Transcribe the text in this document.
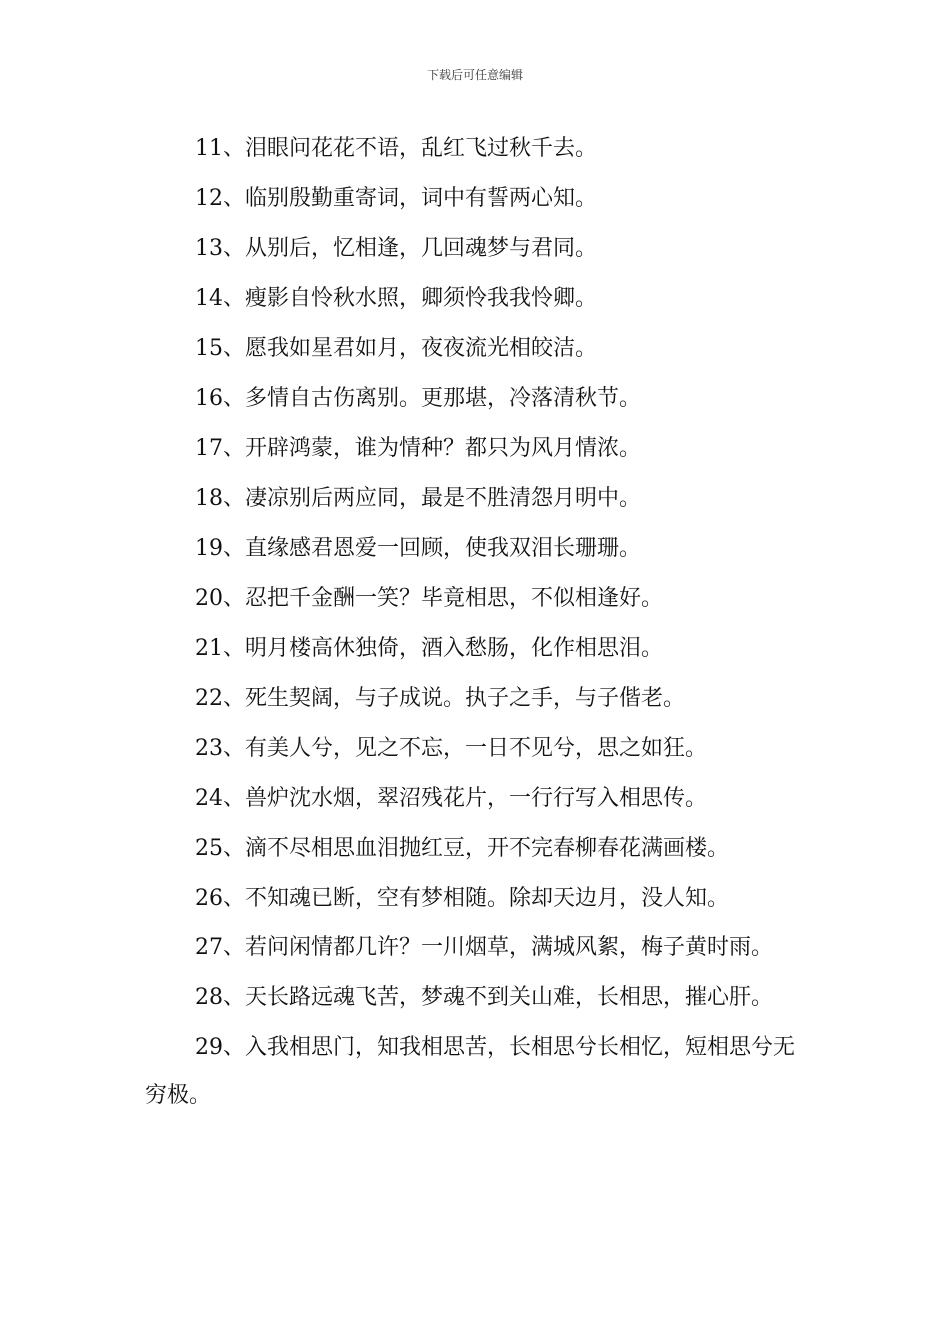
下载后可任意编辑
11、泪眼问花花不语，乱红飞过秋千去。
12、临别殷勤重寄词，词中有誓两心知。
13、从别后，忆相逢，几回魂梦与君同。
14、瘦影自怜秋水照，卿须怜我我怜卿。
15、愿我如星君如月，夜夜流光相皎洁。
16、多情自古伤离别。更那堪，冷落清秋节。
17、开辟鸿蒙，谁为情种？都只为风月情浓。
18、凄凉别后两应同，最是不胜清怨月明中。
19、直缘感君恩爱一回顾，使我双泪长珊珊。
20、忍把千金酬一笑？毕竟相思，不似相逢好。
21、明月楼高休独倚，酒入愁肠，化作相思泪。
22、死生契阔，与子成说。执子之手，与子偕老。
23、有美人兮，见之不忘，一日不见兮，思之如狂。
24、兽炉沈水烟，翠沼残花片，一行行写入相思传。
25、滴不尽相思血泪抛红豆，开不完春柳春花满画楼。
26、不知魂已断，空有梦相随。除却天边月，没人知。
27、若问闲情都几许？一川烟草，满城风絮，梅子黄时雨。
28、天长路远魂飞苦，梦魂不到关山难，长相思，摧心肝。
29、入我相思门，知我相思苦，长相思兮长相忆，短相思兮无穷极。
